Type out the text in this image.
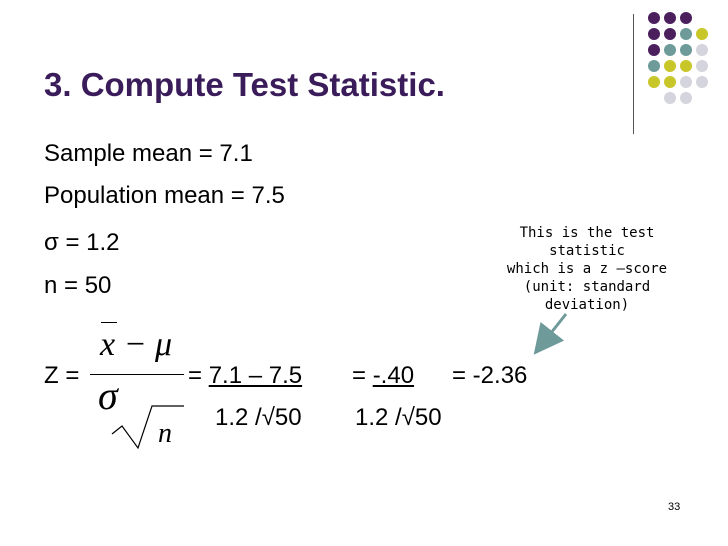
3. Compute Test Statistic.
Sample mean = 7.1
Population mean = 7.5
σ = 1.2
n = 50
This is the test statistic
which is a z –score
(unit: standard
deviation)
Z =
x − μ
σ
n
= 7.1 – 7.5 = -.40 = -2.36
1.2 /√50 1.2 /√50
33
